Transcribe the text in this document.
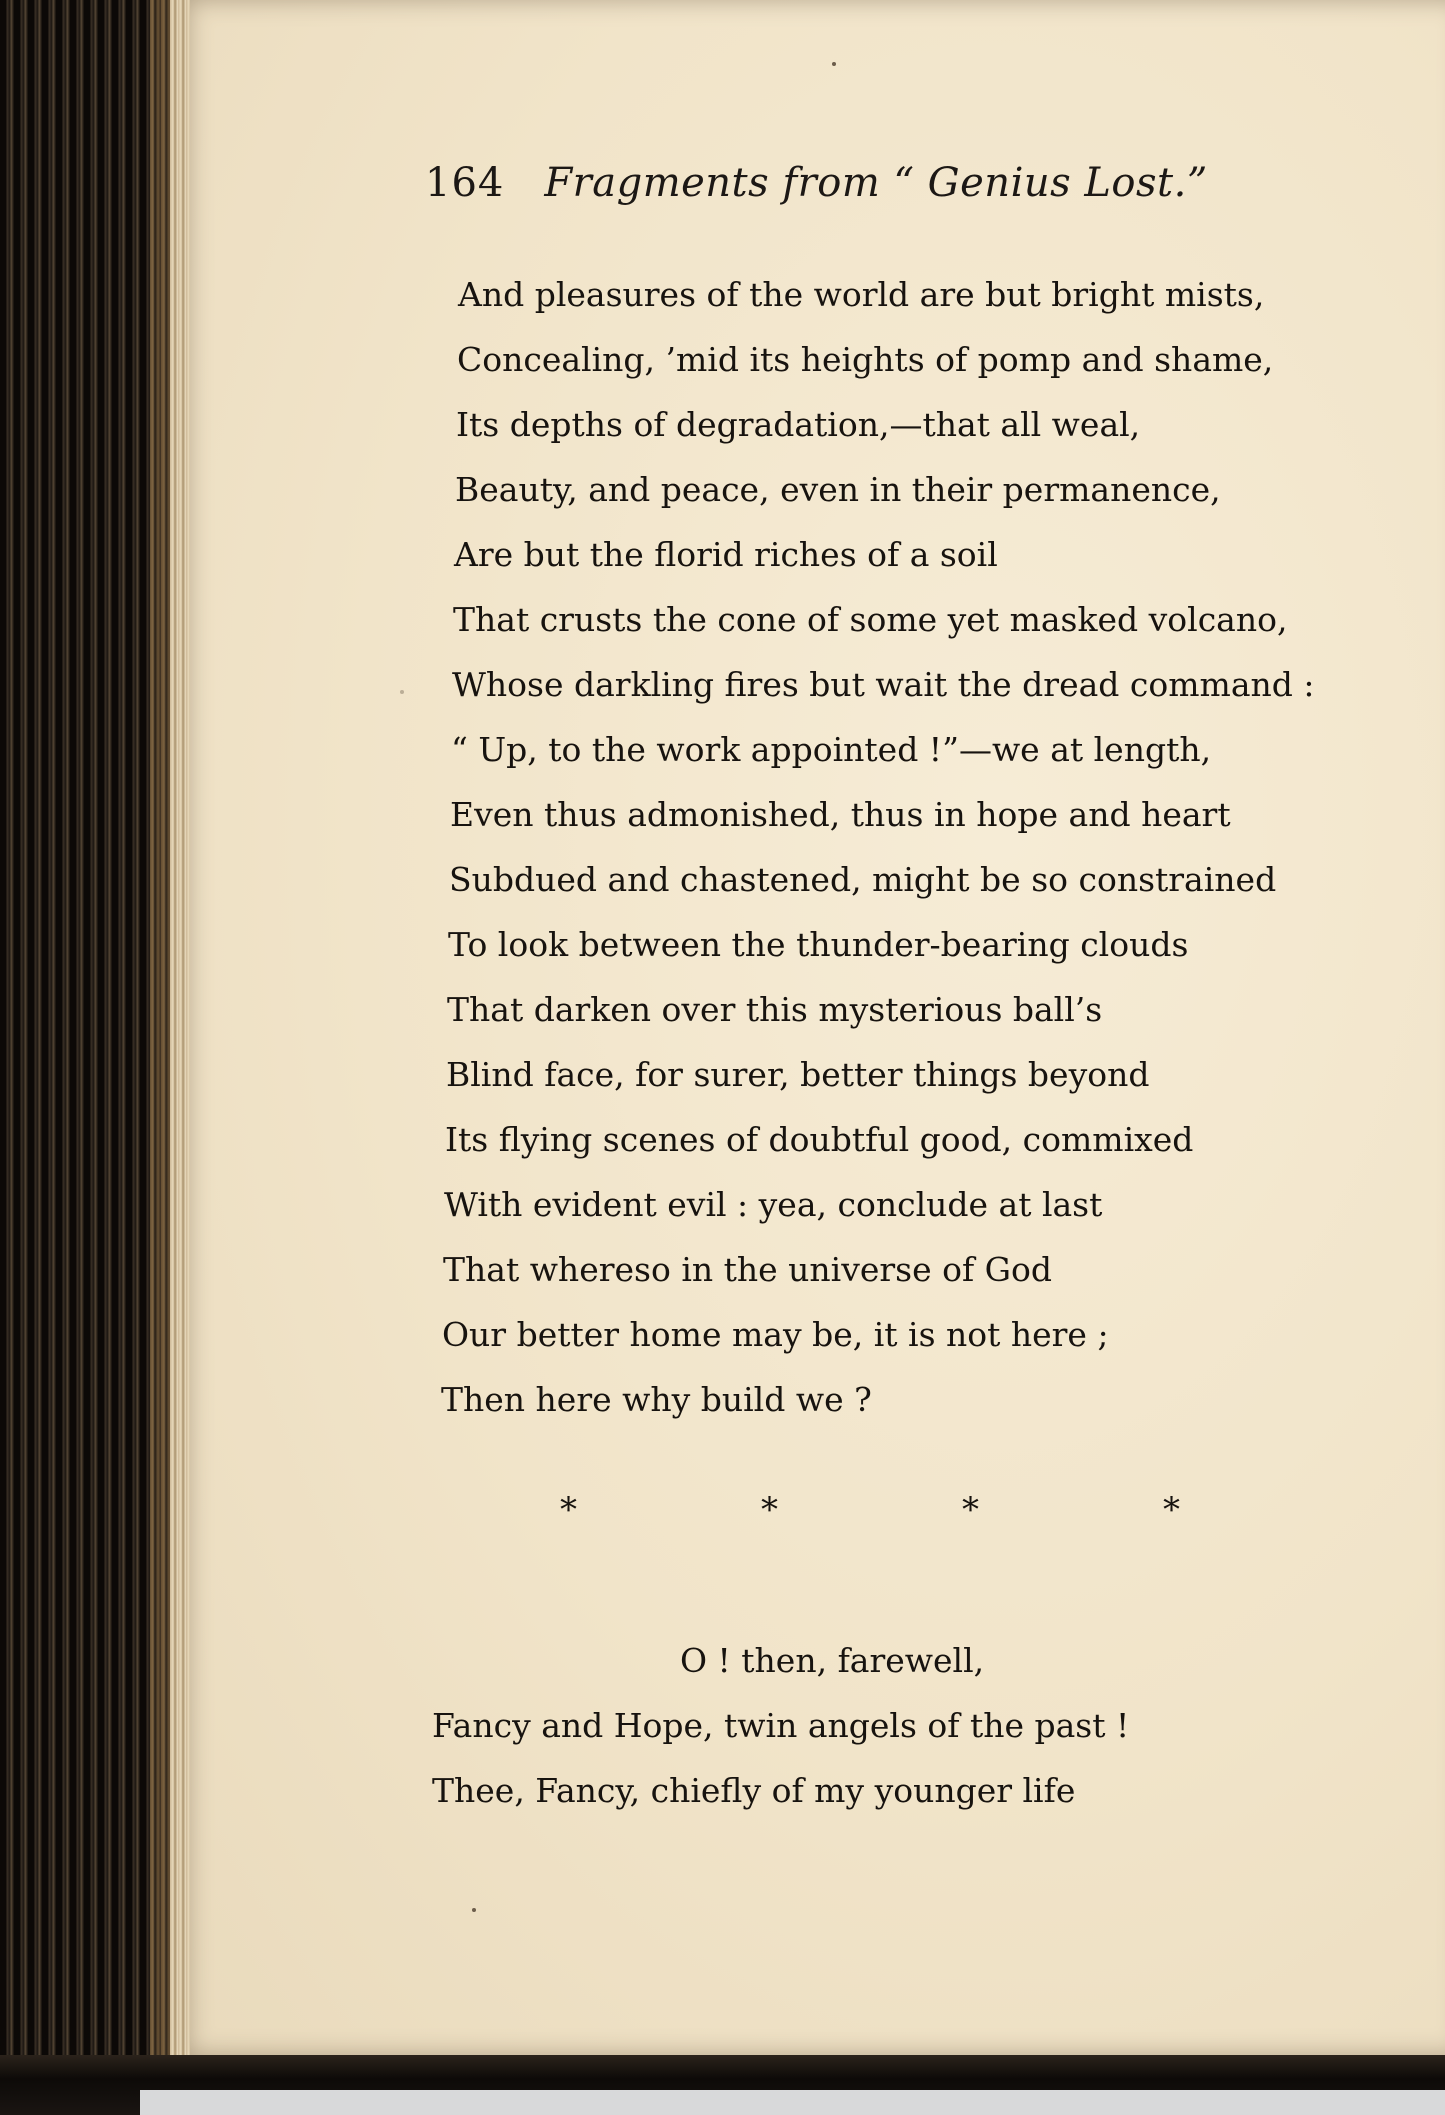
164 Fragments from “ Genius Lost.”
And pleasures of the world are but bright mists,
Concealing, ’mid its heights of pomp and shame,
Its depths of degradation,—that all weal,
Beauty, and peace, even in their permanence,
Are but the florid riches of a soil
That crusts the cone of some yet masked volcano,
Whose darkling fires but wait the dread command :
“ Up, to the work appointed !”—we at length,
Even thus admonished, thus in hope and heart
Subdued and chastened, might be so constrained
To look between the thunder-bearing clouds
That darken over this mysterious ball’s
Blind face, for surer, better things beyond
Its flying scenes of doubtful good, commixed
With evident evil : yea, conclude at last
That whereso in the universe of God
Our better home may be, it is not here ;
Then here why build we ?
*	*	*	*
O ! then, farewell,
Fancy and Hope, twin angels of the past !
Thee, Fancy, chiefly of my younger life
